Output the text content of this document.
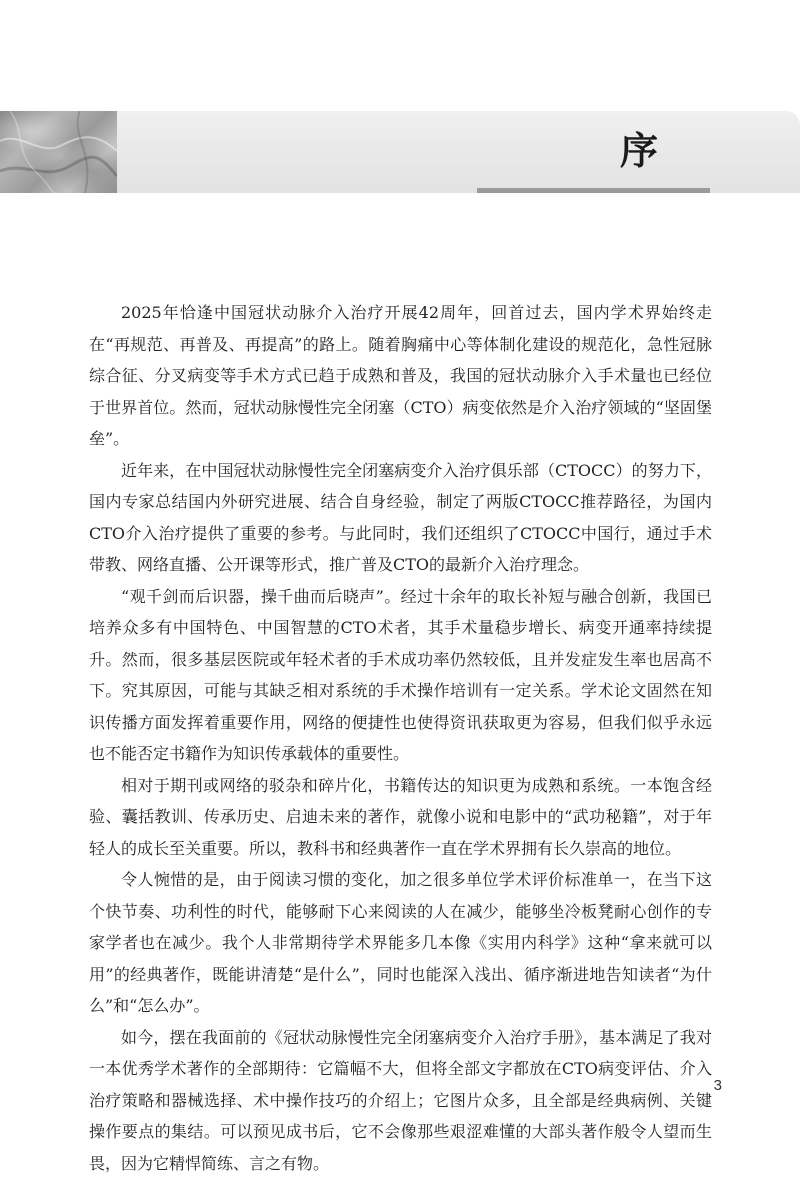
序

2025年恰逢中国冠状动脉介入治疗开展42周年，回首过去，国内学术界始终走在“再规范、再普及、再提高”的路上。随着胸痛中心等体制化建设的规范化，急性冠脉综合征、分叉病变等手术方式已趋于成熟和普及，我国的冠状动脉介入手术量也已经位于世界首位。然而，冠状动脉慢性完全闭塞（CTO）病变依然是介入治疗领域的“坚固堡垒”。

近年来，在中国冠状动脉慢性完全闭塞病变介入治疗俱乐部（CTOCC）的努力下，国内专家总结国内外研究进展、结合自身经验，制定了两版CTOCC推荐路径，为国内CTO介入治疗提供了重要的参考。与此同时，我们还组织了CTOCC中国行，通过手术带教、网络直播、公开课等形式，推广普及CTO的最新介入治疗理念。

“观千剑而后识器，操千曲而后晓声”。经过十余年的取长补短与融合创新，我国已培养众多有中国特色、中国智慧的CTO术者，其手术量稳步增长、病变开通率持续提升。然而，很多基层医院或年轻术者的手术成功率仍然较低，且并发症发生率也居高不下。究其原因，可能与其缺乏相对系统的手术操作培训有一定关系。学术论文固然在知识传播方面发挥着重要作用，网络的便捷性也使得资讯获取更为容易，但我们似乎永远也不能否定书籍作为知识传承载体的重要性。

相对于期刊或网络的驳杂和碎片化，书籍传达的知识更为成熟和系统。一本饱含经验、囊括教训、传承历史、启迪未来的著作，就像小说和电影中的“武功秘籍”，对于年轻人的成长至关重要。所以，教科书和经典著作一直在学术界拥有长久崇高的地位。

令人惋惜的是，由于阅读习惯的变化，加之很多单位学术评价标准单一，在当下这个快节奏、功利性的时代，能够耐下心来阅读的人在减少，能够坐冷板凳耐心创作的专家学者也在减少。我个人非常期待学术界能多几本像《实用内科学》这种“拿来就可以用”的经典著作，既能讲清楚“是什么”，同时也能深入浅出、循序渐进地告知读者“为什么”和“怎么办”。

如今，摆在我面前的《冠状动脉慢性完全闭塞病变介入治疗手册》，基本满足了我对一本优秀学术著作的全部期待：它篇幅不大，但将全部文字都放在CTO病变评估、介入治疗策略和器械选择、术中操作技巧的介绍上；它图片众多，且全部是经典病例、关键操作要点的集结。可以预见成书后，它不会像那些艰涩难懂的大部头著作般令人望而生畏，因为它精悍简练、言之有物。

3
